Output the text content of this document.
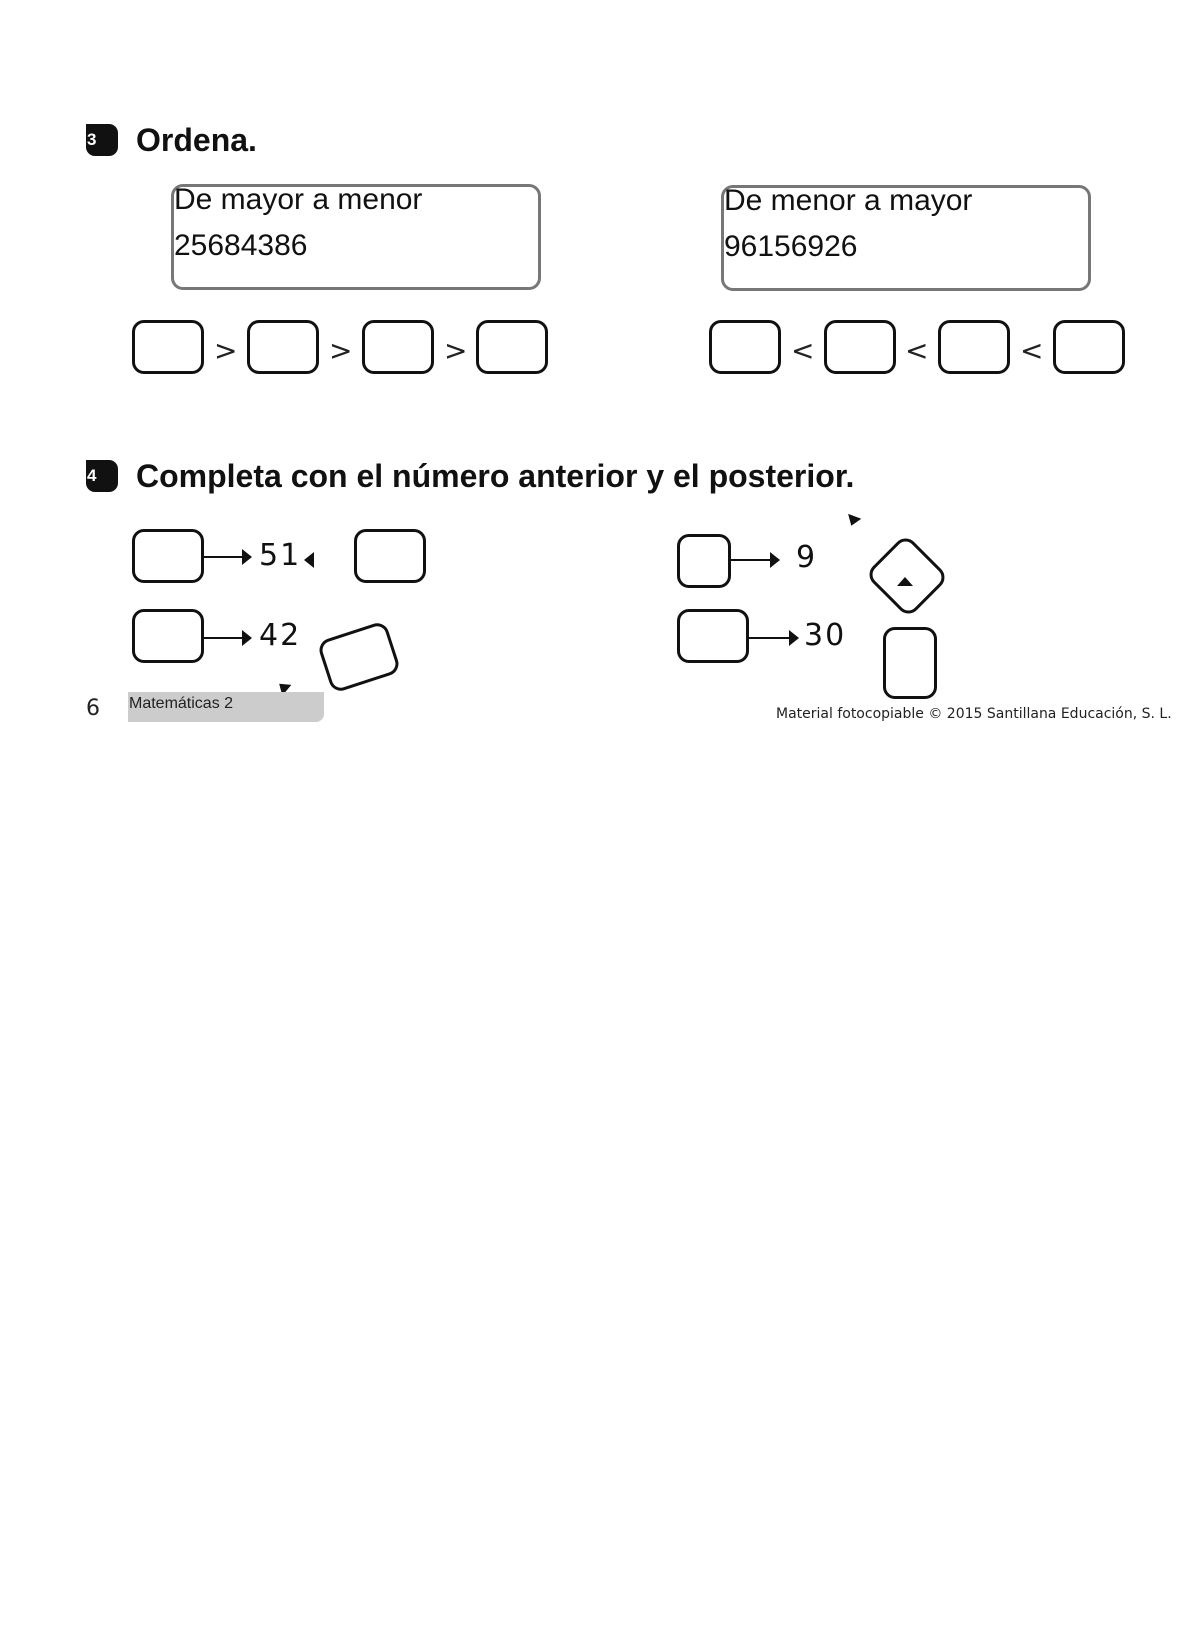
3	Ordena.
De mayor a menor
25684386
De menor a mayor
96156926
>	>	>	<	<	<
4	Completa con el número anterior y el posterior.
51
42
9
30
6 Matemáticas 2
Material fotocopiable © 2015 Santillana Educación, S. L.
